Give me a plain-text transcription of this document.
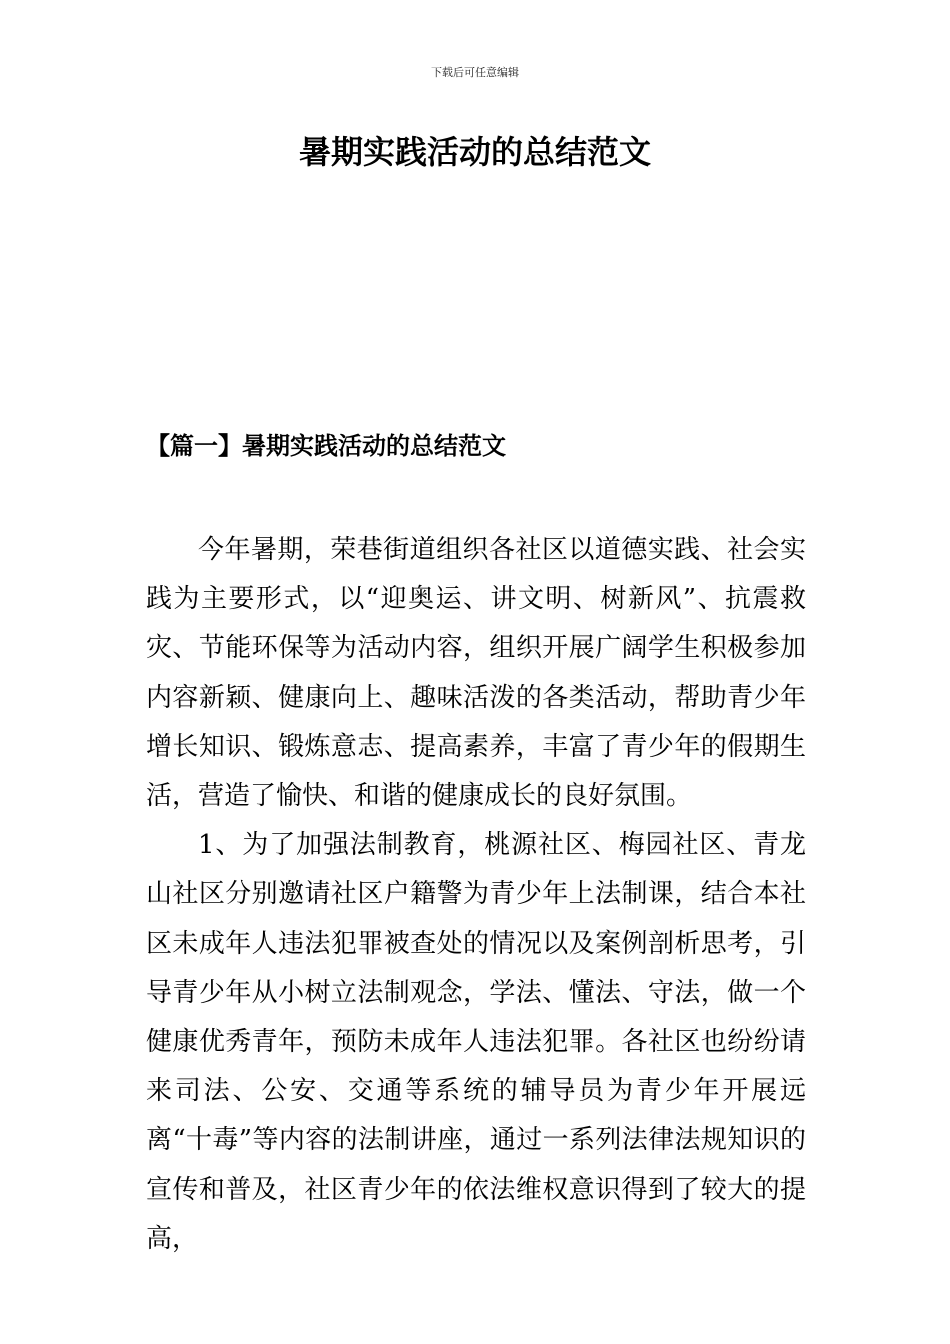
下载后可任意编辑
暑期实践活动的总结范文
【篇一】暑期实践活动的总结范文

今年暑期，荣巷街道组织各社区以道德实践、社会实践为主要形式，以“迎奥运、讲文明、树新风”、抗震救灾、节能环保等为活动内容，组织开展广阔学生积极参加内容新颖、健康向上、趣味活泼的各类活动，帮助青少年增长知识、锻炼意志、提高素养，丰富了青少年的假期生活，营造了愉快、和谐的健康成长的良好氛围。

1、为了加强法制教育，桃源社区、梅园社区、青龙山社区分别邀请社区户籍警为青少年上法制课，结合本社区未成年人违法犯罪被查处的情况以及案例剖析思考，引导青少年从小树立法制观念，学法、懂法、守法，做一个健康优秀青年，预防未成年人违法犯罪。各社区也纷纷请来司法、公安、交通等系统的辅导员为青少年开展远离“十毒”等内容的法制讲座，通过一系列法律法规知识的宣传和普及，社区青少年的依法维权意识得到了较大的提高，
